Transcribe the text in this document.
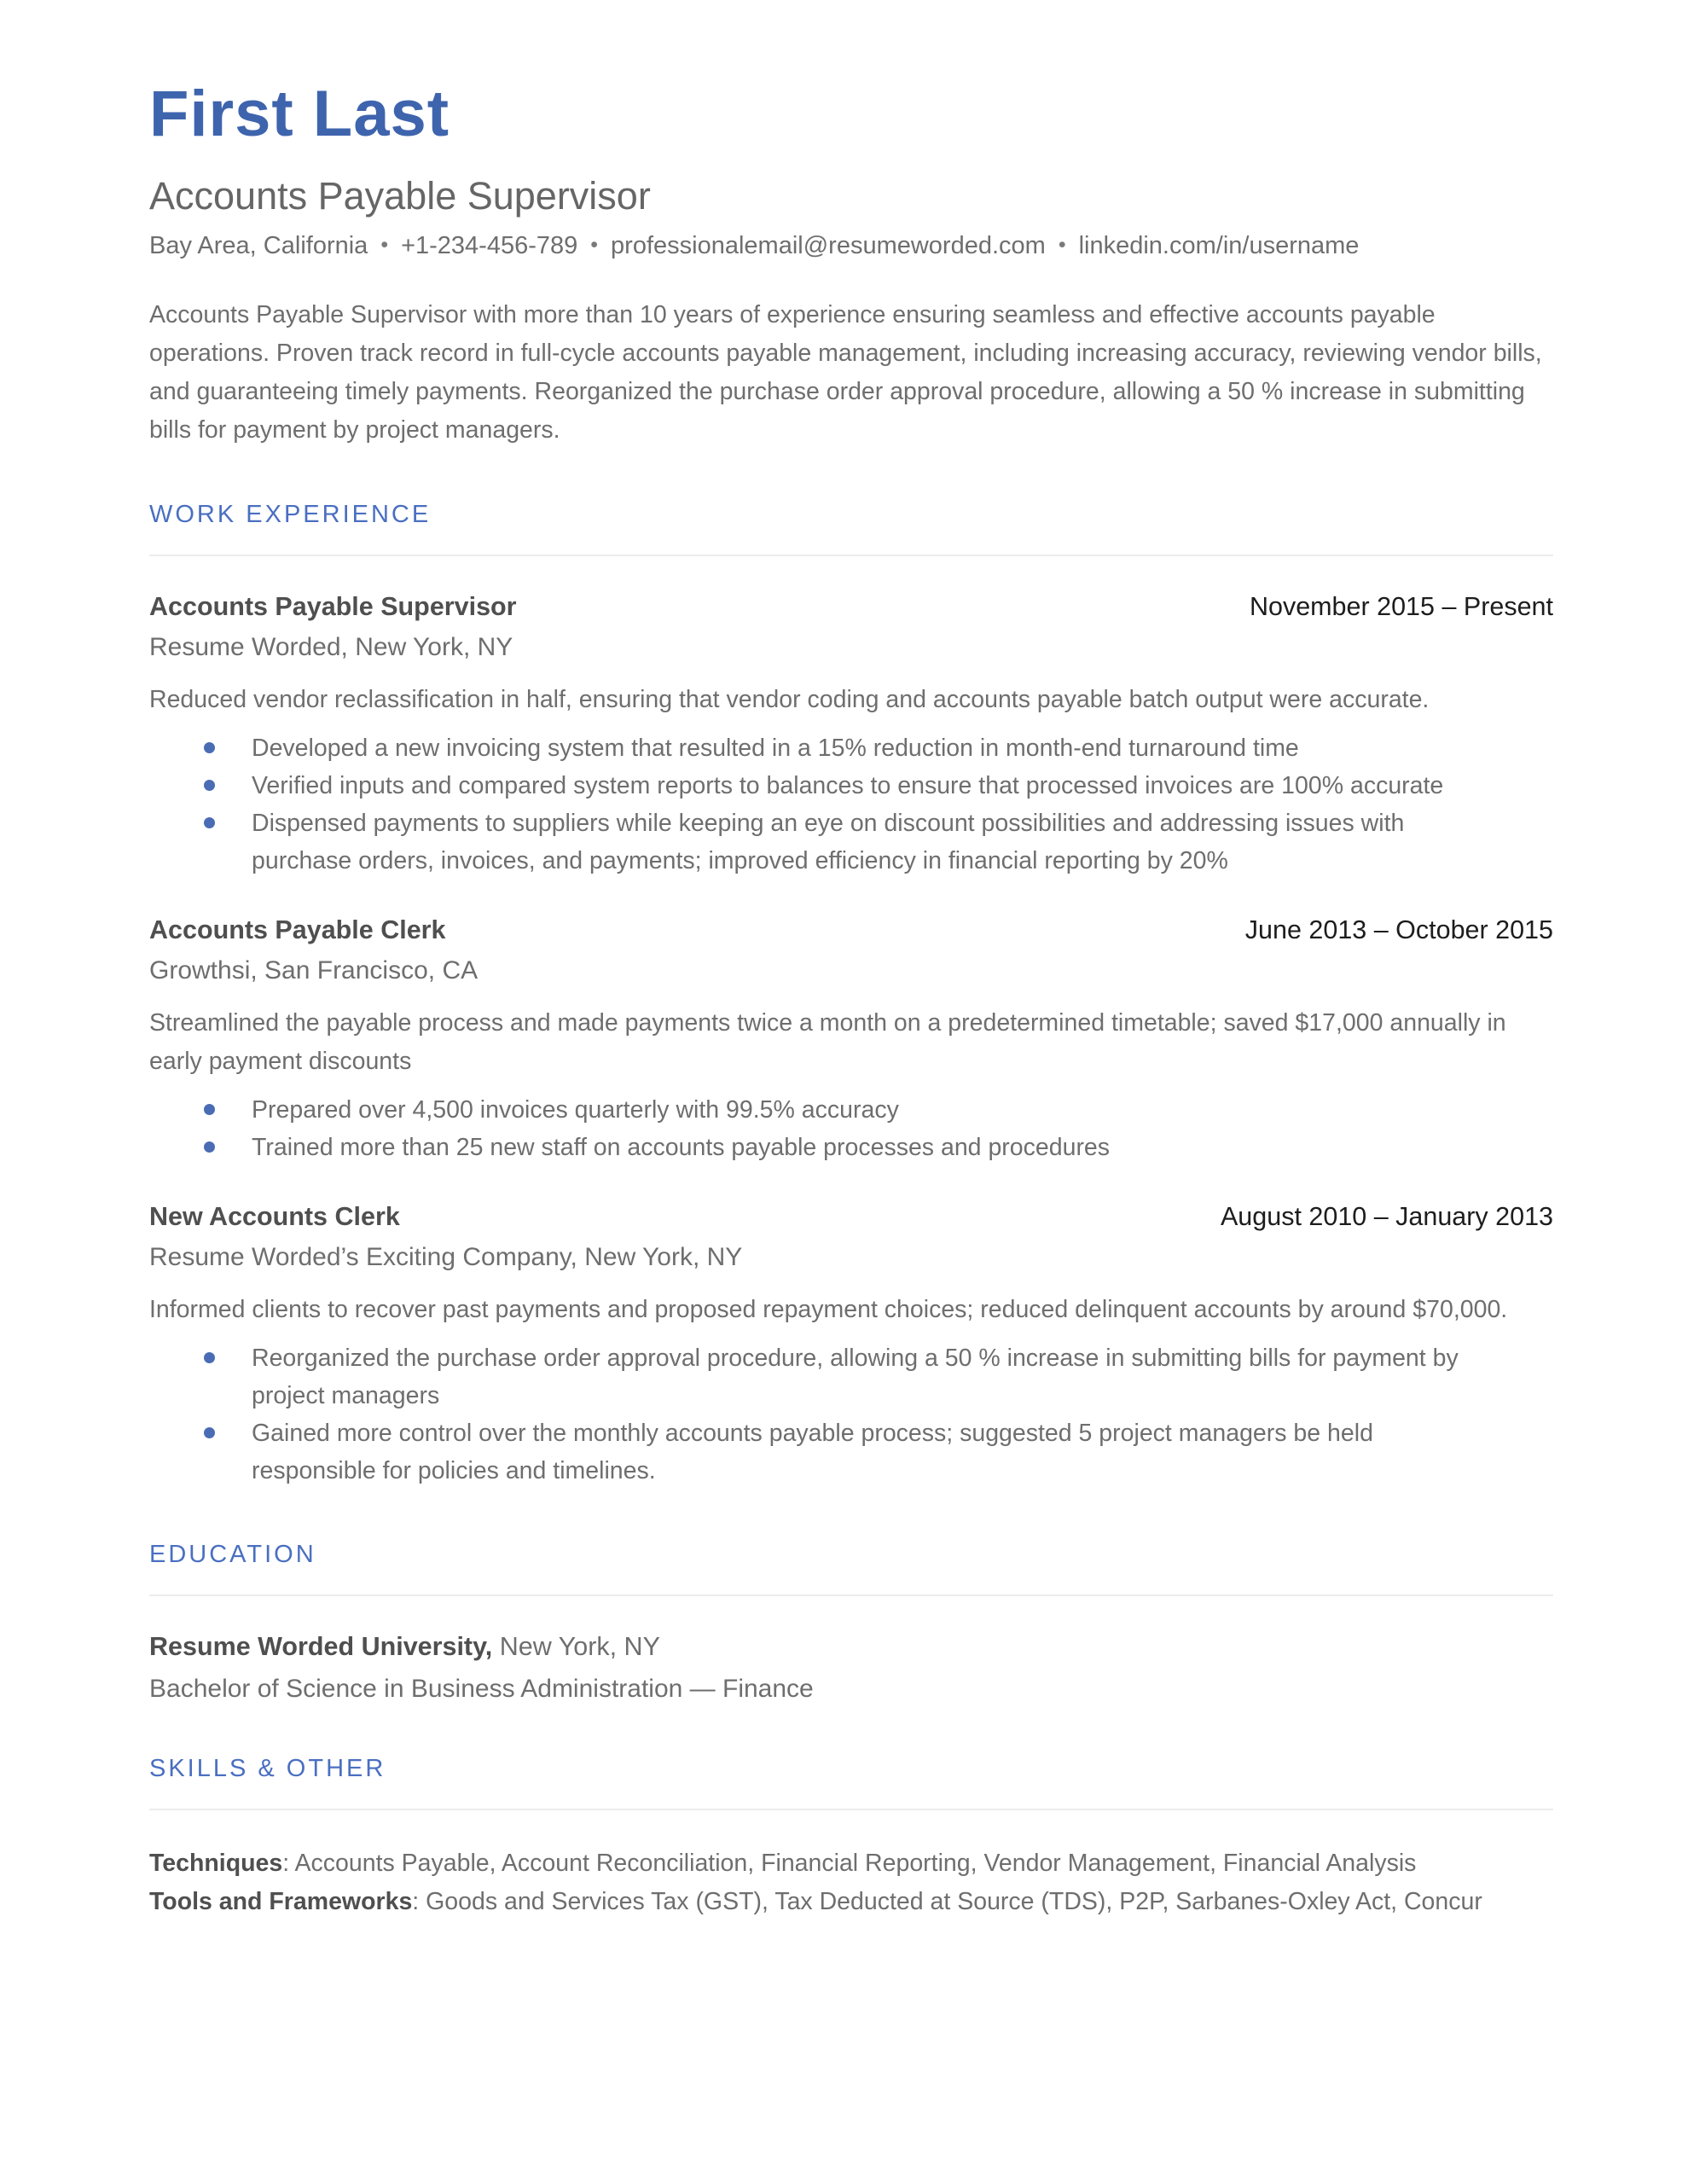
First Last
Accounts Payable Supervisor

Bay Area, California • +1-234-456-789 • professionalemail@resumeworded.com • linkedin.com/in/username

Accounts Payable Supervisor with more than 10 years of experience ensuring seamless and effective accounts payable operations. Proven track record in full-cycle accounts payable management, including increasing accuracy, reviewing vendor bills, and guaranteeing timely payments. Reorganized the purchase order approval procedure, allowing a 50 % increase in submitting bills for payment by project managers.

WORK EXPERIENCE
Accounts Payable Supervisor	November 2015 – Present
Resume Worded, New York, NY

Reduced vendor reclassification in half, ensuring that vendor coding and accounts payable batch output were accurate.

Developed a new invoicing system that resulted in a 15% reduction in month-end turnaround time
Verified inputs and compared system reports to balances to ensure that processed invoices are 100% accurate
Dispensed payments to suppliers while keeping an eye on discount possibilities and addressing issues with purchase orders, invoices, and payments; improved efficiency in financial reporting by 20%
Accounts Payable Clerk	June 2013 – October 2015
Growthsi, San Francisco, CA

Streamlined the payable process and made payments twice a month on a predetermined timetable; saved $17,000 annually in early payment discounts

Prepared over 4,500 invoices quarterly with 99.5% accuracy
Trained more than 25 new staff on accounts payable processes and procedures
New Accounts Clerk	August 2010 – January 2013
Resume Worded’s Exciting Company, New York, NY

Informed clients to recover past payments and proposed repayment choices; reduced delinquent accounts by around $70,000.

Reorganized the purchase order approval procedure, allowing a 50 % increase in submitting bills for payment by project managers
Gained more control over the monthly accounts payable process; suggested 5 project managers be held responsible for policies and timelines.
EDUCATION

Resume Worded University, New York, NY

Bachelor of Science in Business Administration — Finance

SKILLS & OTHER

Techniques: Accounts Payable, Account Reconciliation, Financial Reporting, Vendor Management, Financial Analysis

Tools and Frameworks: Goods and Services Tax (GST), Tax Deducted at Source (TDS), P2P, Sarbanes-Oxley Act, Concur
